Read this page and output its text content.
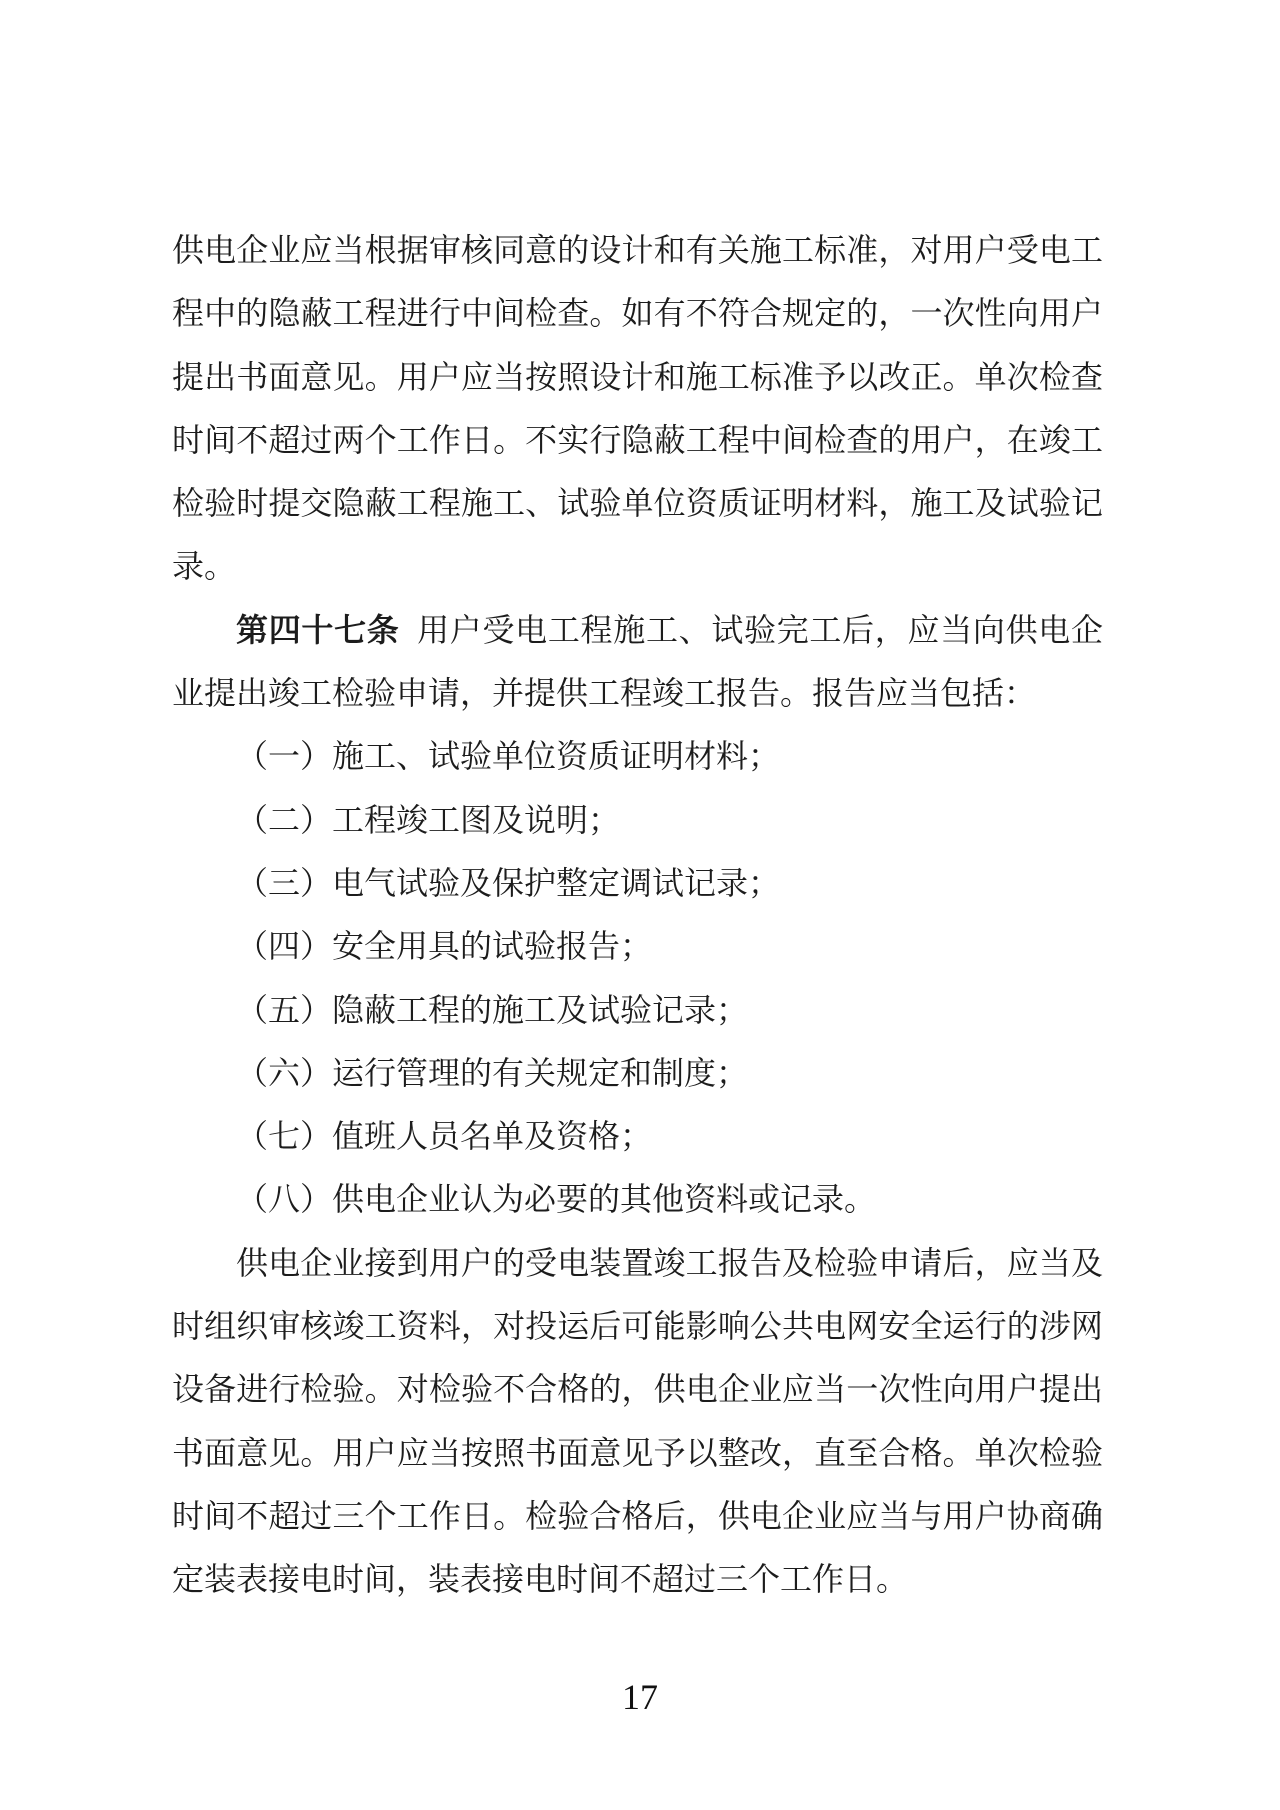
供电企业应当根据审核同意的设计和有关施工标准，对用户受电工
程中的隐蔽工程进行中间检查。如有不符合规定的，一次性向用户
提出书面意见。用户应当按照设计和施工标准予以改正。单次检查
时间不超过两个工作日。不实行隐蔽工程中间检查的用户，在竣工
检验时提交隐蔽工程施工、试验单位资质证明材料，施工及试验记
录。
第四十七条 用户受电工程施工、试验完工后，应当向供电企
业提出竣工检验申请，并提供工程竣工报告。报告应当包括：
（一）施工、试验单位资质证明材料；
（二）工程竣工图及说明；
（三）电气试验及保护整定调试记录；
（四）安全用具的试验报告；
（五）隐蔽工程的施工及试验记录；
（六）运行管理的有关规定和制度；
（七）值班人员名单及资格；
（八）供电企业认为必要的其他资料或记录。
供电企业接到用户的受电装置竣工报告及检验申请后，应当及
时组织审核竣工资料，对投运后可能影响公共电网安全运行的涉网
设备进行检验。对检验不合格的，供电企业应当一次性向用户提出
书面意见。用户应当按照书面意见予以整改，直至合格。单次检验
时间不超过三个工作日。检验合格后，供电企业应当与用户协商确
定装表接电时间，装表接电时间不超过三个工作日。
17
